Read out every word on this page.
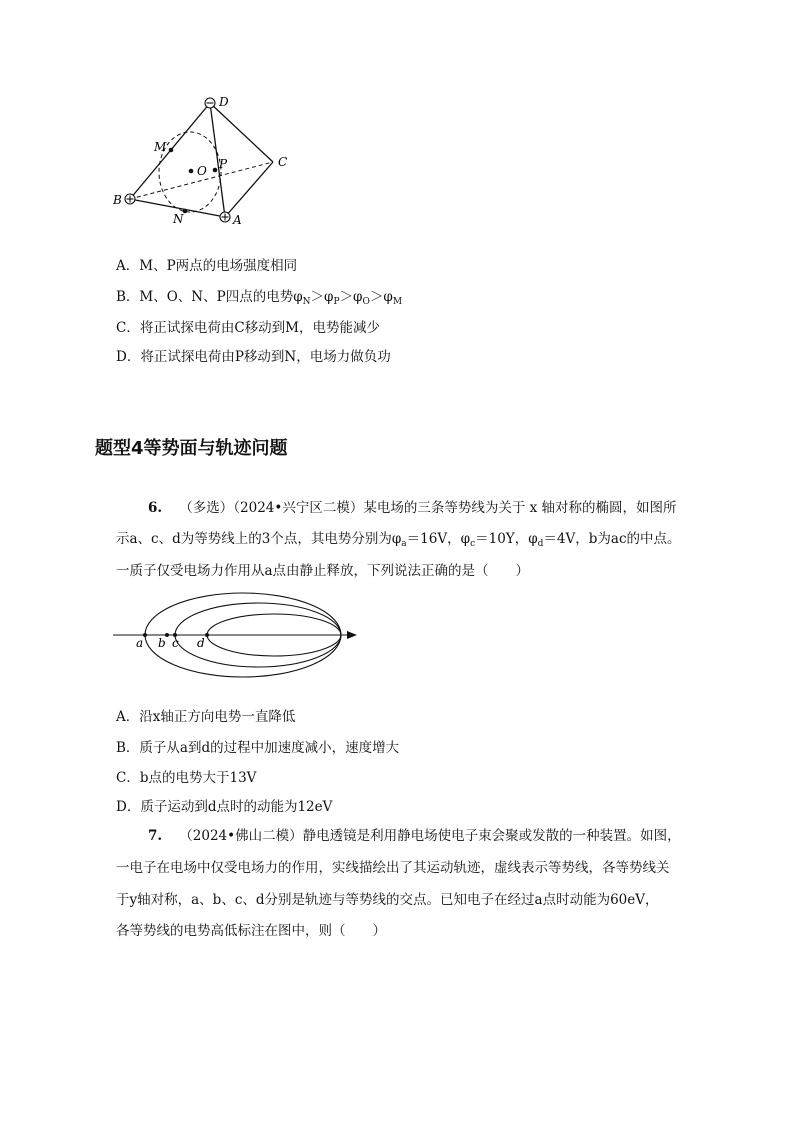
D
M
O P	C
B
N	A
A．M、P两点的电场强度相同
B．M、O、N、P四点的电势$\varphi_N>\varphi_P>\varphi_O>\varphi_M$
C．将正试探电荷由C移动到M，电势能减少
D．将正试探电荷由P移动到N，电场力做负功
题型4等势面与轨迹问题
6. （多选）（2024•兴宁区二模）某电场的三条等势线为关于 x 轴对称的椭圆，如图所
示a、c、d为等势线上的3个点，其电势分别为$\varphi_a=16V$，$\varphi_c=10Y$，$\varphi_d=4V$，b为ac的中点。
一质子仅受电场力作用从a点由静止释放，下列说法正确的是（　　）
a b c d
A．沿x轴正方向电势一直降低
B．质子从a到d的过程中加速度减小，速度增大
C．b点的电势大于13V
D．质子运动到d点时的动能为12eV
7. （2024•佛山二模）静电透镜是利用静电场使电子束会聚或发散的一种装置。如图，
一电子在电场中仅受电场力的作用，实线描绘出了其运动轨迹，虚线表示等势线，各等势线关
于y轴对称，a、b、c、d分别是轨迹与等势线的交点。已知电子在经过a点时动能为60eV，
各等势线的电势高低标注在图中，则（　　）
